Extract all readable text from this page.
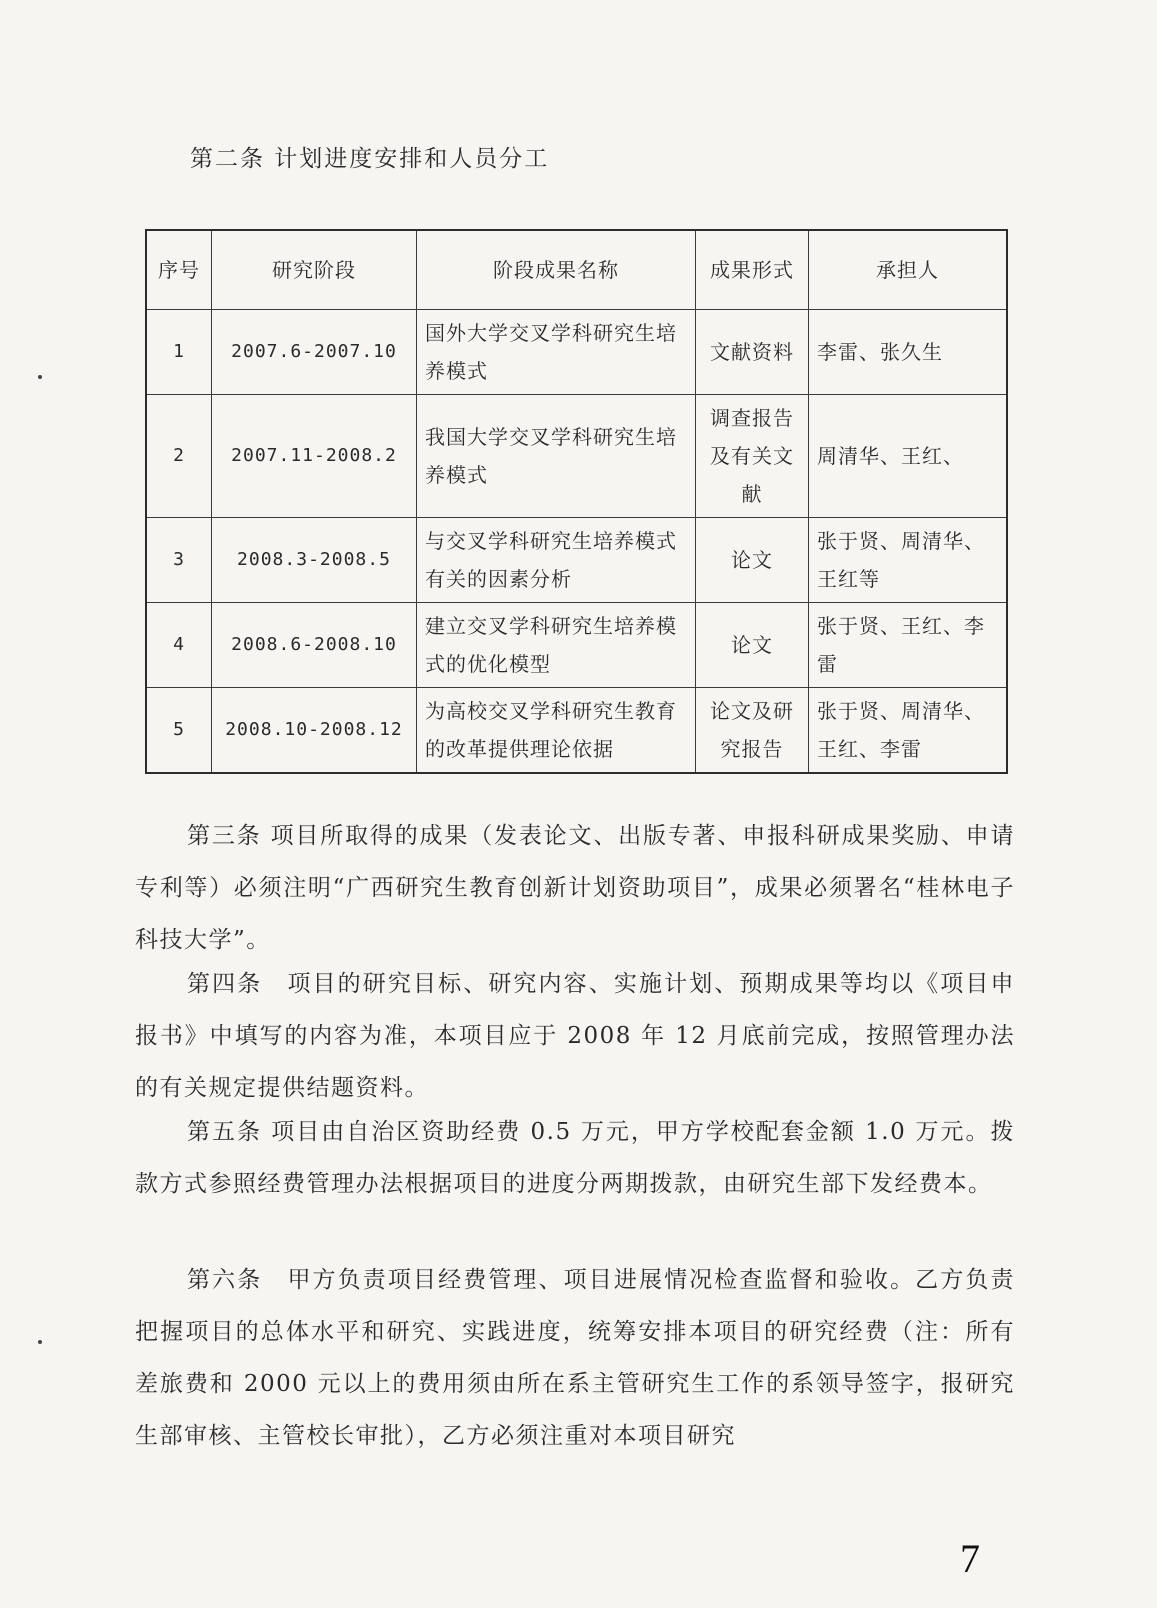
第二条 计划进度安排和人员分工
序号	研究阶段	阶段成果名称	成果形式	承担人
1	2007.6-2007.10	国外大学交叉学科研究生培养模式	文献资料	李雷、张久生
2	2007.11-2008.2	我国大学交叉学科研究生培养模式	调查报告及有关文献	周清华、王红、
3	2008.3-2008.5	与交叉学科研究生培养模式有关的因素分析	论文	张于贤、周清华、王红等
4	2008.6-2008.10	建立交叉学科研究生培养模式的优化模型	论文	张于贤、王红、李雷
5	2008.10-2008.12	为高校交叉学科研究生教育的改革提供理论依据	论文及研究报告	张于贤、周清华、王红、李雷

第三条 项目所取得的成果（发表论文、出版专著、申报科研成果奖励、申请专利等）必须注明“广西研究生教育创新计划资助项目”，成果必须署名“桂林电子科技大学”。

第四条　项目的研究目标、研究内容、实施计划、预期成果等均以《项目申报书》中填写的内容为准，本项目应于 2008 年 12 月底前完成，按照管理办法的有关规定提供结题资料。

第五条 项目由自治区资助经费 0.5 万元，甲方学校配套金额 1.0 万元。拨款方式参照经费管理办法根据项目的进度分两期拨款，由研究生部下发经费本。

第六条　甲方负责项目经费管理、项目进展情况检查监督和验收。乙方负责把握项目的总体水平和研究、实践进度，统筹安排本项目的研究经费（注：所有差旅费和 2000 元以上的费用须由所在系主管研究生工作的系领导签字，报研究生部审核、主管校长审批），乙方必须注重对本项目研究

7
